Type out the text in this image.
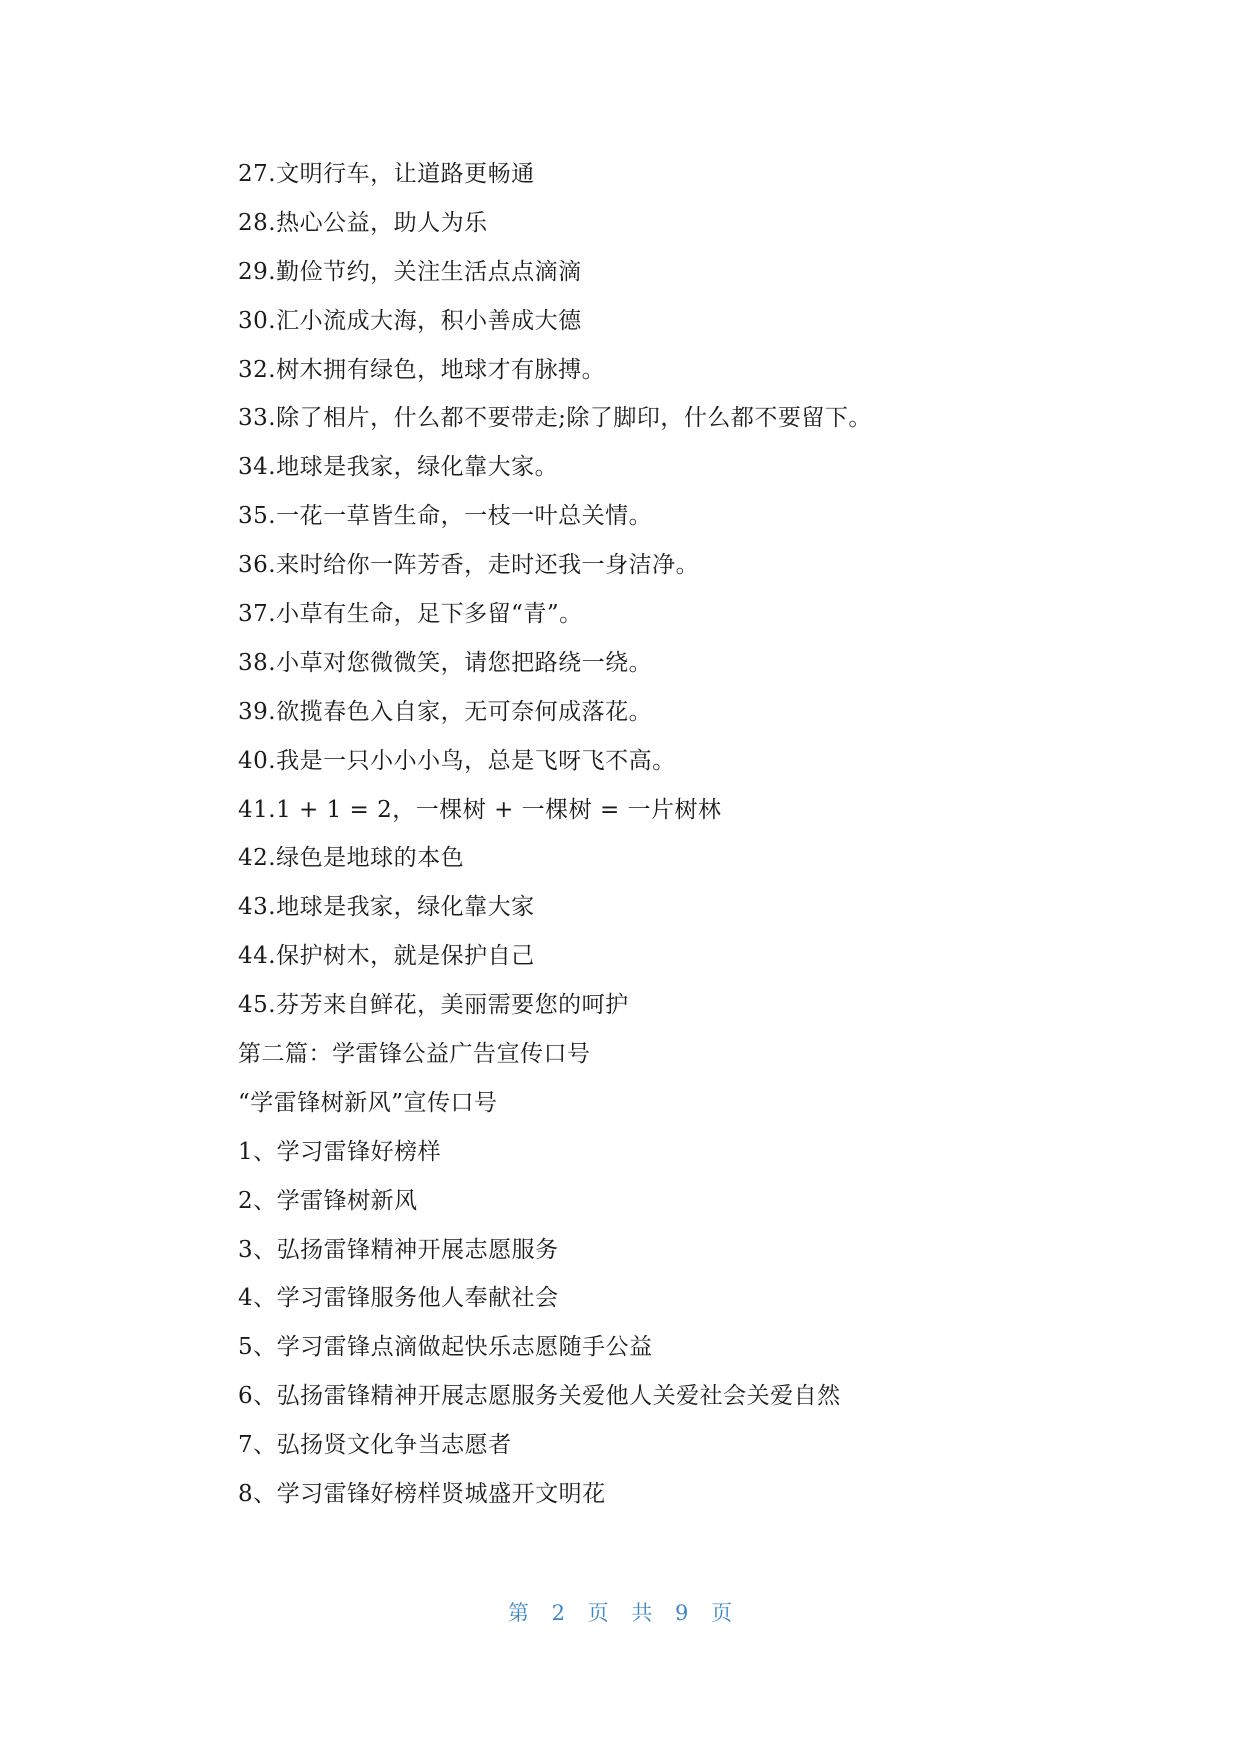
27.文明行车，让道路更畅通
28.热心公益，助人为乐
29.勤俭节约，关注生活点点滴滴
30.汇小流成大海，积小善成大德
32.树木拥有绿色，地球才有脉搏。
33.除了相片，什么都不要带走;除了脚印，什么都不要留下。
34.地球是我家，绿化靠大家。
35.一花一草皆生命，一枝一叶总关情。
36.来时给你一阵芳香，走时还我一身洁净。
37.小草有生命，足下多留“青”。
38.小草对您微微笑，请您把路绕一绕。
39.欲揽春色入自家，无可奈何成落花。
40.我是一只小小小鸟，总是飞呀飞不高。
41.1 + 1 = 2，一棵树 + 一棵树 = 一片树林
42.绿色是地球的本色
43.地球是我家，绿化靠大家
44.保护树木，就是保护自己
45.芬芳来自鲜花，美丽需要您的呵护
第二篇：学雷锋公益广告宣传口号
“学雷锋树新风”宣传口号
1、学习雷锋好榜样
2、学雷锋树新风
3、弘扬雷锋精神开展志愿服务
4、学习雷锋服务他人奉献社会
5、学习雷锋点滴做起快乐志愿随手公益
6、弘扬雷锋精神开展志愿服务关爱他人关爱社会关爱自然
7、弘扬贤文化争当志愿者
8、学习雷锋好榜样贤城盛开文明花
第 2 页 共 9 页
